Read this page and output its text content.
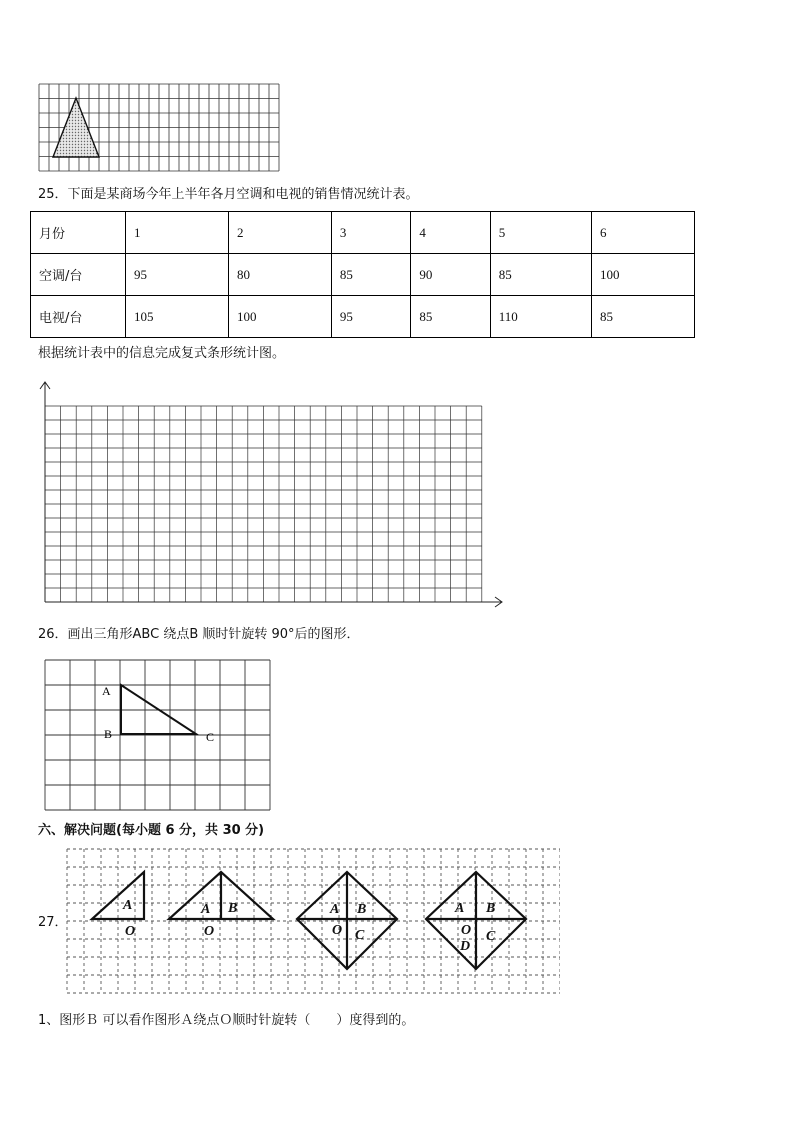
25．下面是某商场今年上半年各月空调和电视的销售情况统计表。
月份	1	2	3	4	5	6
空调/台	95	80	85	90	85	100
电视/台	105	100	95	85	110	85
根据统计表中的信息完成复式条形统计图。
26．画出三角形ABC 绕点B 顺时针旋转 90°后的图形．
A
B	C
六、解决问题(每小题 6 分，共 30 分)
27．
A
O
A B
O
A B
O C
A B
O C
D
1、图形Ｂ 可以看作图形Ａ绕点Ｏ顺时针旋转（　　）度得到的。
